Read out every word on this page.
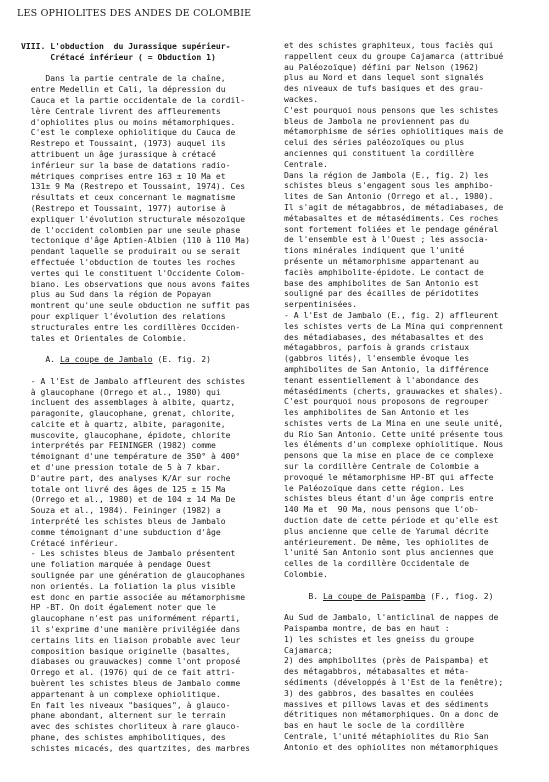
LES OPHIOLITES DES ANDES DE COLOMBIE
VIII. L'obduction  du Jurassique supérieur-
Crétacé inférieur ( = Obduction 1)
Dans la partie centrale de la chaîne,
entre Medellin et Cali, la dépression du
Cauca et la partie occidentale de la cordil-
lère Centrale livrent des affleurements
d'ophiolites plus ou moins métamorphiques.
C'est le complexe ophiolitique du Cauca de
Restrepo et Toussaint, (1973) auquel ils
attribuent un âge jurassique à crétacé
inférieur sur la base de datations radio-
métriques comprises entre 163 ± 10 Ma et
131± 9 Ma (Restrepo et Toussaint, 1974). Ces
résultats et ceux concernant le magmatisme
(Restrepo et Toussaint, 1977) autorise à
expliquer l'évolution structurale mésozoïque
de l'occident colombien par une seule phase
tectonique d'âge Aptien-Albien (110 à 110 Ma)
pendant laquelle se produirait ou se serait
effectuée l'obduction de toutes les roches
vertes qui le constituent l'Occidente Colom-
biano. Les observations que nous avons faites
plus au Sud dans la région de Popayan
montrent qu'une seule obduction ne suffit pas
pour expliquer l'évolution des relations
structurales entre les cordillères Occiden-
tales et Orientales de Colombie.
A. La coupe de Jambalo (E. fig. 2)
- A l'Est de Jambalo affleurent des schistes
à glaucophane (Orrego et al., 1980) qui
incluent des assemblages à albite, quartz,
paragonite, glaucophane, grenat, chlorite,
calcite et à quartz, albite, paragonite,
muscovite, glaucophane, épidote, chlorite
interprétés par FEININGER (1982) comme
témoignant d'une température de 350° à 400°
et d'une pression totale de 5 à 7 kbar.
D'autre part, des analyses K/Ar sur roche
totale ont livré des âges de 125 ± 15 Ma
(Orrego et al., 1980) et de 104 ± 14 Ma De
Souza et al., 1984). Feininger (1982) a
interprété les schistes bleus de Jambalo
comme témoignant d'une subduction d'âge
Crétacé inférieur.
- Les schistes bleus de Jambalo présentent
une foliation marquée à pendage Ouest
soulignée par une génération de glaucophanes
non orientés. La foliation la plus visible
est donc en partie associée au métamorphisme
HP -BT. On doit également noter que le
glaucophane n'est pas uniformément réparti,
il s'exprime d'une manière privilégiée dans
certains lits en liaison probable avec leur
composition basique originelle (basaltes,
diabases ou grauwackes) comme l'ont proposé
Orrego et al. (1976) qui de ce fait attri-
buèrent les schistes bleus de Jambalo comme
appartenant à un complexe ophiolitique.
En fait les niveaux "basiques", à glauco-
phane abondant, alternent sur le terrain
avec des schistes chorliteux à rare glauco-
phane, des schistes amphibolitiques, des
schistes micacés, des quartzites, des marbres
et des schistes graphiteux, tous faciès qui
rappellent ceux du groupe Cajamarca (attribué
au Paléozoïque) défini par Nelson (1962)
plus au Nord et dans lequel sont signalés
des niveaux de tufs basiques et des grau-
wackes.
C'est pourquoi nous pensons que les schistes
bleus de Jambola ne proviennent pas du
métamorphisme de séries ophiolitiques mais de
celui des séries paléozoïques ou plus
anciennes qui constituent la cordillère
Centrale.
Dans la région de Jambola (E., fig. 2) les
schistes bleus s'engagent sous les amphibo-
lites de San Antonio (Orrego et al., 1980).
Il s'agit de métagabbros, de métadiabases, de
métabasaltes et de métasédiments. Ces roches
sont fortement foliées et le pendage général
de l'ensemble est à l'Ouest ; les associa-
tions minérales indiquent que l'unité
présente un métamorphisme appartenant au
faciès amphibolite-épidote. Le contact de
base des amphibolites de San Antonio est
souligné par des écailles de péridotites
serpentinisées.
- A l'Est de Jambalo (E., fig. 2) affleurent
les schistes verts de La Mina qui comprennent
des métadiabases, des métabasaltes et des
métagabbros, parfois à grands cristaux
(gabbros lités), l'ensemble évoque les
amphibolites de San Antonio, la différence
tenant essentiellement à l'abondance des
métasédiments (cherts, grauwackes et shales).
C'est pourquoi nous proposons de regrouper
les amphibolites de San Antonio et les
schistes verts de La Mina en une seule unité,
du Rio San Antonio. Cette unité présente tous
les éléments d'un complexe ophiolitique. Nous
pensons que la mise en place de ce complexe
sur la cordillère Centrale de Colombie a
provoqué le métamorphisme HP-BT qui affecte
le Paléozoïque dans cette région. Les
schistes bleus étant d'un âge compris entre
140 Ma et  90 Ma, nous pensons que l'ob-
duction date de cette période et qu'elle est
plus ancienne que celle de Yarumal décrite
antérieurement. De même, les ophiolites de
l'unité San Antonio sont plus anciennes que
celles de la cordillère Occidentale de
Colombie.
B. La coupe de Paispamba (F., fiog. 2)
Au Sud de Jambalo, l'anticlinal de nappes de
Paispamba montre, de bas en haut :
1) les schistes et les gneiss du groupe
Cajamarca;
2) des amphibolites (près de Paispamba) et
des métagabbros, métabasaltes et méta-
sédiments (développés à l'Est de la fenêtre);
3) des gabbros, des basaltes en coulées
massives et pillows lavas et des sédiments
détritiques non métamorphiques. On a donc de
bas en haut le socle de la cordillère
Centrale, l'unité métaphiolites du Rio San
Antonio et des ophiolites non métamorphiques
